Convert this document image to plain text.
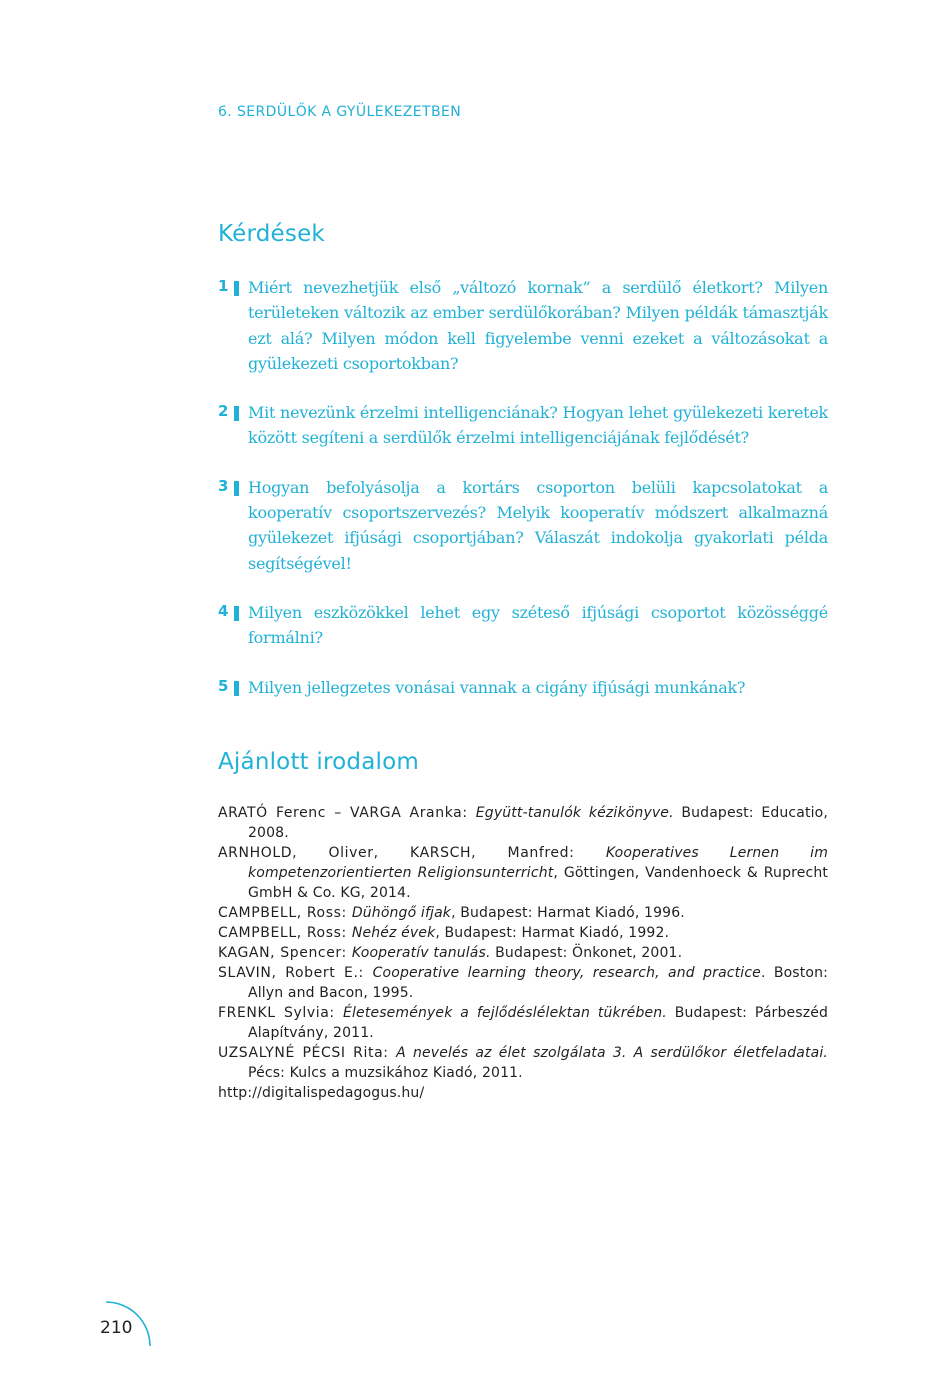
6. SERDÜLŐK A GYÜLEKEZETBEN
Kérdések
1 Miért nevezhetjük első „változó kornak” a serdülő életkort? Milyen területeken változik az ember serdülőkorában? Milyen példák támasztják ezt alá? Milyen módon kell figyelembe venni ezeket a változásokat a gyülekezeti csoportokban?

2 Mit nevezünk érzelmi intelligenciának? Hogyan lehet gyülekezeti keretek között segíteni a serdülők érzelmi intelligenciájának fejlődését?

3 Hogyan befolyásolja a kortárs csoporton belüli kapcsolatokat a kooperatív csoportszervezés? Melyik kooperatív módszert alkalmazná gyülekezet ifjúsági csoportjában? Válaszát indokolja gyakorlati példa segítségével!

4 Milyen eszközökkel lehet egy széteső ifjúsági csoportot közösséggé formálni?

5 Milyen jellegzetes vonásai vannak a cigány ifjúsági munkának?

Ajánlott irodalom

ARATÓ Ferenc – VARGA Aranka: Együtt-tanulók kézikönyve. Budapest: Educatio, 2008.

ARNHOLD, Oliver, KARSCH, Manfred: Kooperatives Lernen im kompetenzorientierten Religionsunterricht, Göttingen, Vandenhoeck & Ruprecht GmbH & Co. KG, 2014.

CAMPBELL, Ross: Dühöngő ifjak, Budapest: Harmat Kiadó, 1996.

CAMPBELL, Ross: Nehéz évek, Budapest: Harmat Kiadó, 1992.

KAGAN, Spencer: Kooperatív tanulás. Budapest: Önkonet, 2001.

SLAVIN, Robert E.: Cooperative learning theory, research, and practice. Boston: Allyn and Bacon, 1995.

FRENKL Sylvia: Életesemények a fejlődéslélektan tükrében. Budapest: Párbeszéd Alapítvány, 2011.

UZSALYNÉ PÉCSI Rita: A nevelés az élet szolgálata 3. A serdülőkor életfeladatai. Pécs: Kulcs a muzsikához Kiadó, 2011.

http://digitalispedagogus.hu/

210
